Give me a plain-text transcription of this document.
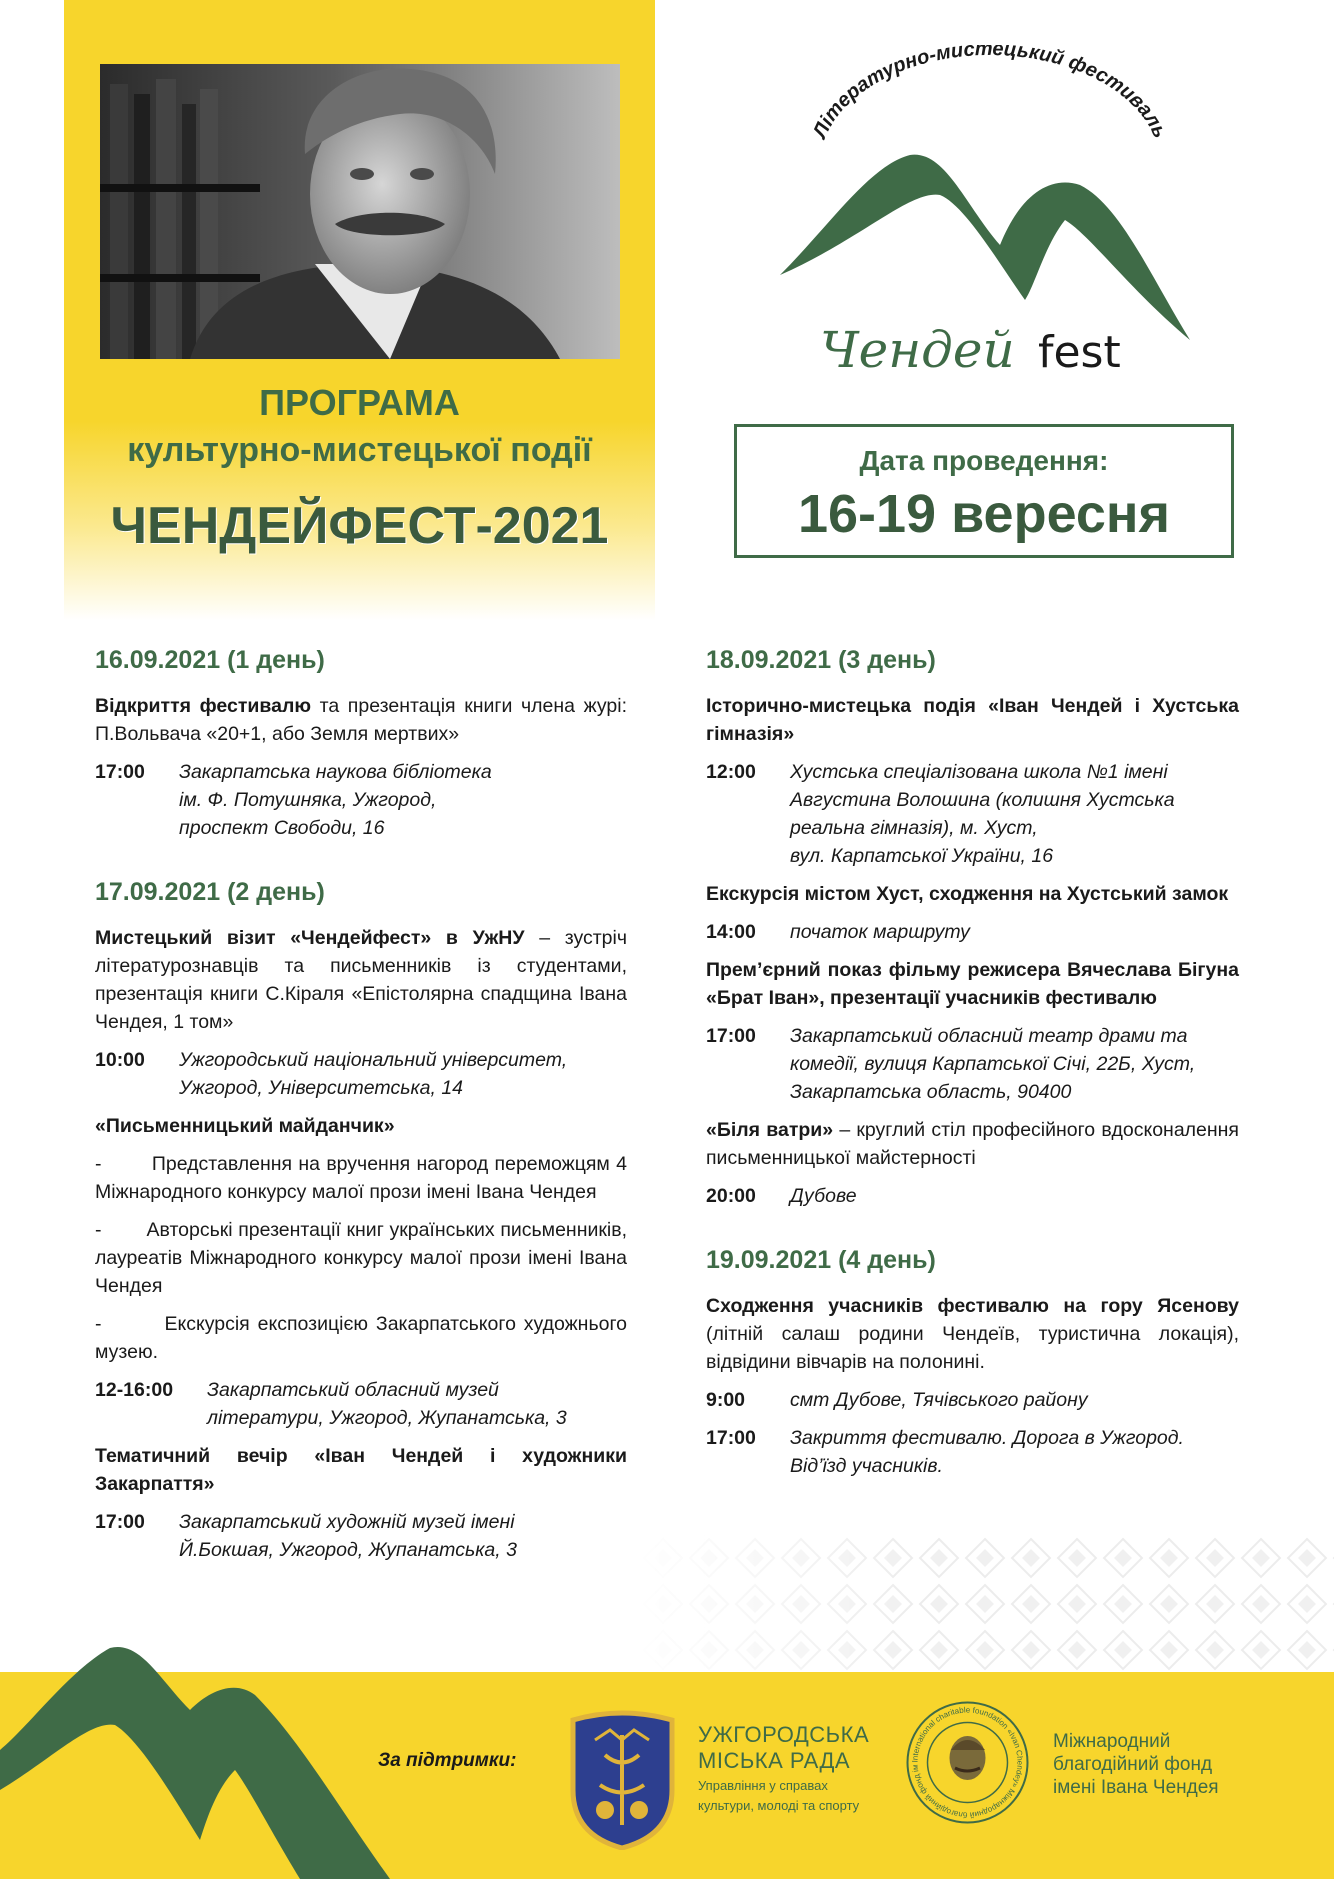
ПРОГРАМА
культурно-мистецької події
ЧЕНДЕЙФЕСТ-2021
Літературно-мистецький фестиваль
Чендей fest
Дата проведення:
16-19 вересня
16.09.2021 (1 день)
Відкриття фестивалю та презентація книги члена журі: П.Вольвача «20+1, або Земля мертвих»
17:00	Закарпатська наукова бібліотека
ім. Ф. Потушняка, Ужгород,
проспект Свободи, 16
17.09.2021 (2 день)
Мистецький візит «Чендейфест» в УжНУ – зустріч літературознавців та письменників із студентами, презентація книги С.Кіраля «Епістолярна спадщина Івана Чендея, 1 том»
10:00	Ужгородський національний університет,
Ужгород, Університетська, 14
«Письменницький майданчик»
-        Представлення на вручення нагород переможцям 4 Міжнародного конкурсу малої прози імені Івана Чендея
-        Авторські презентації книг українських письменників, лауреатів Міжнародного конкурсу малої прози імені Івана Чендея
-        Екскурсія експозицією Закарпатського художнього музею.
12-16:00	Закарпатський обласний музей
літератури, Ужгород, Жупанатська, 3
Тематичний вечір «Іван Чендей і художники Закарпаття»
17:00	Закарпатський художній музей імені
Й.Бокшая, Ужгород, Жупанатська, 3
18.09.2021 (3 день)
Історично-мистецька подія «Іван Чендей і Хустська гімназія»
12:00	Хустська спеціалізована школа №1 імені
Августина Волошина (колишня Хустська
реальна гімназія), м. Хуст,
вул. Карпатської України, 16
Екскурсія містом Хуст, сходження на Хустський замок
14:00	початок маршруту
Прем’єрний показ фільму режисера Вячеслава Бігуна «Брат Іван», презентації учасників фестивалю
17:00	Закарпатський обласний театр драми та
комедії, вулиця Карпатської Січі, 22Б, Хуст,
Закарпатська область, 90400
«Біля ватри» – круглий стіл професійного вдосконалення письменницької майстерності
20:00	Дубове
19.09.2021 (4 день)
Сходження учасників фестивалю на гору Ясенову (літній салаш родини Чендеїв, туристична локація), відвідини вівчарів на полонині.
9:00	смт Дубове, Тячівського району
17:00	Закриття фестивалю. Дорога в Ужгород.
Від’їзд учасників.
За підтримки:
УЖГОРОДСЬКА
МІСЬКА РАДА
Управління у справах
культури, молоді та спорту
International charitable foundation «Ivan Chendey» Міжнародний благодійний фонд ім
Міжнародний
благодійний фонд
імені Івана Чендея
